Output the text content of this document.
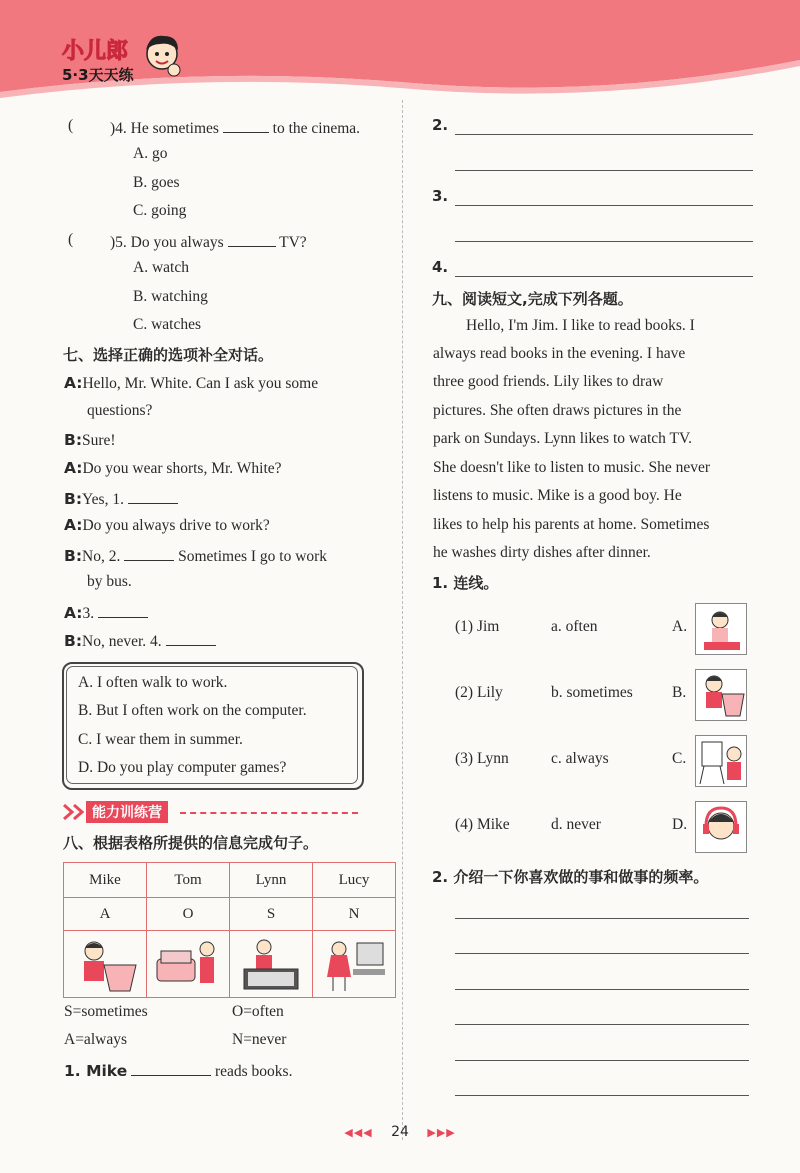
小儿郎
5·3天天练
( )4. He sometimes	to the cinema.
A. go
B. goes
C. going
( )5. Do you always	TV?
A. watch
B. watching
C. watches
七、选择正确的选项补全对话。
A:Hello, Mr. White. Can I ask you some
questions?
B:Sure!
A:Do you wear shorts, Mr. White?
B:Yes, 1.
A:Do you always drive to work?
B:No, 2.	Sometimes I go to work
by bus.
A:3.
B:No, never. 4.
A. I often walk to work.
B. But I often work on the computer.
C. I wear them in summer.
D. Do you play computer games?
能力训练营
八、根据表格所提供的信息完成句子。
Mike	Tom	Lynn	Lucy
A	O	S	N

S=sometimes	O=often
A=always	N=never
1. Mike	reads books.
2.
3.
4.
九、阅读短文,完成下列各题。
Hello, I'm Jim. I like to read books. I
always read books in the evening. I have
three good friends. Lily likes to draw
pictures. She often draws pictures in the
park on Sundays. Lynn likes to watch TV.
She doesn't like to listen to music. She never
listens to music. Mike is a good boy. He
likes to help his parents at home. Sometimes
he washes dirty dishes after dinner.
1. 连线。
(1) Jim	a. often	A.
(2) Lily	b. sometimes	B.
(3) Lynn	c. always	C.
(4) Mike	d. never	D.
2. 介绍一下你喜欢做的事和做事的频率。
◀◀◀ 24 ▶▶▶
